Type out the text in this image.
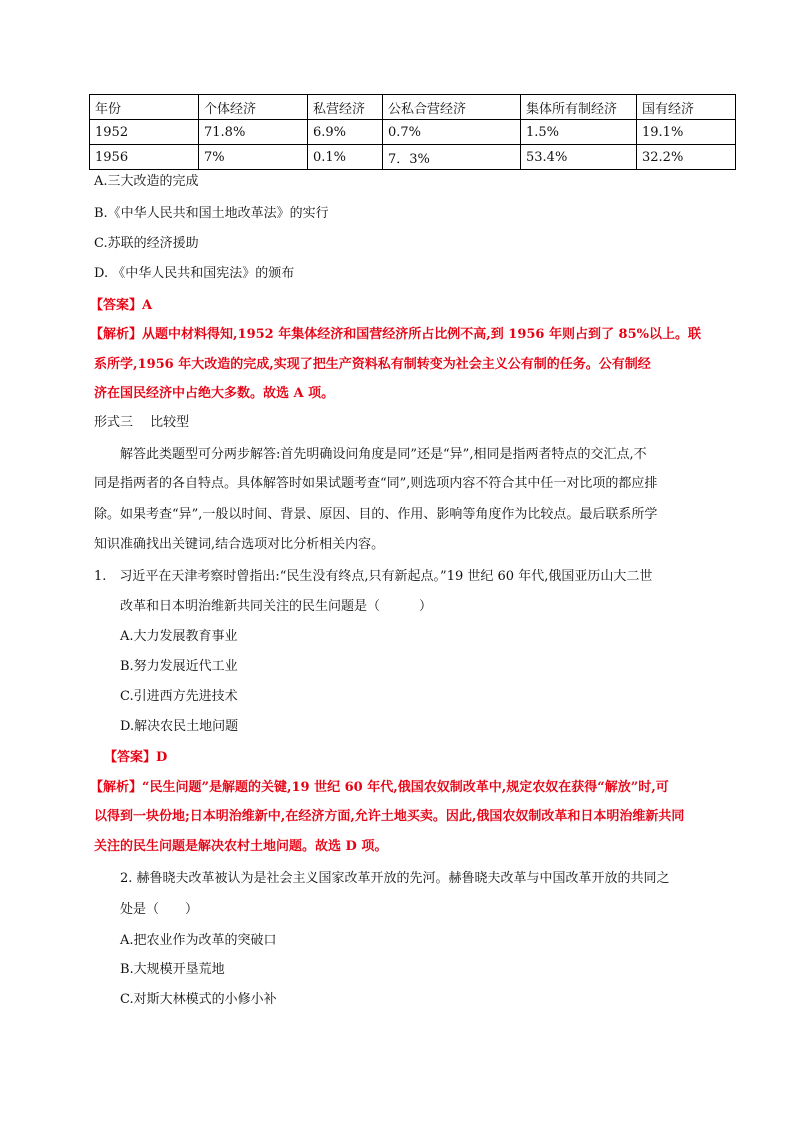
年份	个体经济	私营经济	公私合营经济	集体所有制经济	国有经济
1952	71.8%	6.9%	0.7%	1.5%	19.1%
1956	7%	0.1%	7．3%	53.4%	32.2%
A.三大改造的完成
B.《中华人民共和国土地改革法》的实行
C.苏联的经济援助
D. 《中华人民共和国宪法》的颁布
【答案】A
【解析】从题中材料得知,1952 年集体经济和国营经济所占比例不高,到 1956 年则占到了 85%以上。联
系所学,1956 年大改造的完成,实现了把生产资料私有制转变为社会主义公有制的任务。公有制经
济在国民经济中占绝大多数。故选 A 项。
形式三　 比较型
解答此类题型可分两步解答:首先明确设问角度是同”还是“异”,相同是指两者特点的交汇点,不
同是指两者的各自特点。具体解答时如果试题考查“同”,则选项内容不符合其中任一对比项的都应排
除。如果考查“异”,一般以时间、背景、原因、目的、作用、影响等角度作为比较点。最后联系所学
知识准确找出关键词,结合选项对比分析相关内容。
1.　习近平在天津考察时曾指出:“民生没有终点,只有新起点。”19 世纪 60 年代,俄国亚历山大二世
改革和日本明治维新共同关注的民生问题是（　　　）
A.大力发展教育事业
B.努力发展近代工业
C.引进西方先进技术
D.解决农民土地问题
【答案】D
【解析】“民生问题”是解题的关键,19 世纪 60 年代,俄国农奴制改革中,规定农奴在获得“解放”时,可
以得到一块份地;日本明治维新中,在经济方面,允许土地买卖。因此,俄国农奴制改革和日本明治维新共同
关注的民生问题是解决农村土地问题。故选 D 项。
2. 赫鲁晓夫改革被认为是社会主义国家改革开放的先河。赫鲁晓夫改革与中国改革开放的共同之
处是（　　）
A.把农业作为改革的突破口
B.大规模开垦荒地
C.对斯大林模式的小修小补
